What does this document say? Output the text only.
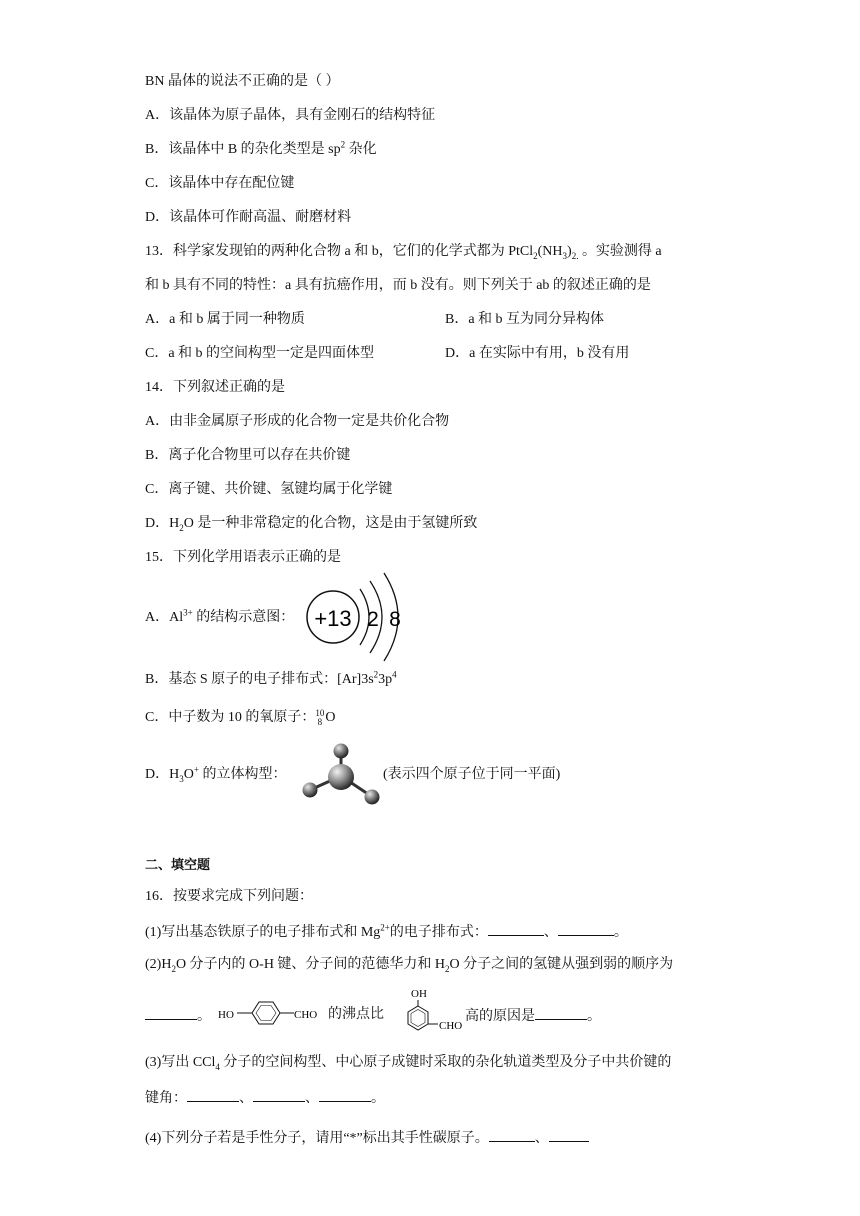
BN 晶体的说法不正确的是（ ）
A．该晶体为原子晶体，具有金刚石的结构特征
B．该晶体中 B 的杂化类型是 $sp^2$ 杂化
C．该晶体中存在配位键
D．该晶体可作耐高温、耐磨材料
13．科学家发现铂的两种化合物 a 和 b，它们的化学式都为 $PtCl_2(NH_3)_{2.}$ 。实验测得 a
和 b 具有不同的特性：a 具有抗癌作用，而 b 没有。则下列关于 ab 的叙述正确的是
A．a 和 b 属于同一种物质	B．a 和 b 互为同分异构体
C．a 和 b 的空间构型一定是四面体型	D．a 在实际中有用，b 没有用
14．下列叙述正确的是
A．由非金属原子形成的化合物一定是共价化合物
B．离子化合物里可以存在共价键
C．离子键、共价键、氢键均属于化学键
D．$H_2O$ 是一种非常稳定的化合物，这是由于氢键所致
15．下列化学用语表示正确的是
A．$Al^{3+}$ 的结构示意图： +13 2 8
B．基态 S 原子的电子排布式：$[Ar]3s^23p^4$
C．中子数为 10 的氧原子：10
8 O
D．$H_3O^+$ 的立体构型：	(表示四个原子位于同一平面)
二、填空题
16．按要求完成下列问题：
(1)写出基态铁原子的电子排布式和 $Mg^{2+}$的电子排布式：	、	。
$(2)H_2O$ 分子内的 O-H 键、分子间的范德华力和 $H_2O$ 分子之间的氢键从强到弱的顺序为
。 HO	CHO 的沸点比
OH
CHO
高的原因是	。
(3)写出 CCl$_4$ 分子的空间构型、中心原子成键时采取的杂化轨道类型及分子中共价键的
键角：	、	、	。
(4)下列分子若是手性分子，请用“*”标出其手性碳原子。	、
